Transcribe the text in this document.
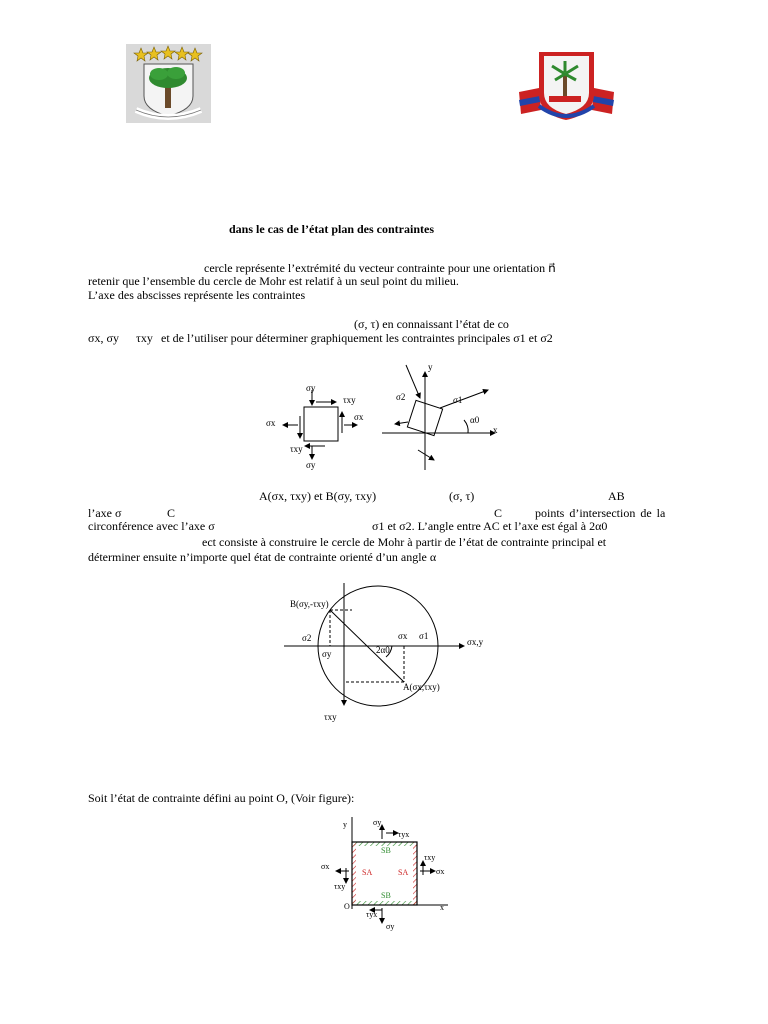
dans le cas de l’état plan des contraintes
cercle représente l’extrémité du vecteur contrainte pour une orientation n⃗
retenir que l’ensemble du cercle de Mohr est relatif à un seul point du milieu.
L’axe des abscisses représente les contraintes
(σ, τ) en connaissant l’état de co
σx, σy τxy et de l’utiliser pour déterminer graphiquement les contraintes principales σ1 et σ2
σy
τxy
σx
σx
τxy
σy
y
x
σ2	σ1
α0
A(σx, τxy) et B(σy, τxy)	(σ, τ)	AB
l’axe σ	C	C	points d’intersection de la
circonférence avec l’axe σ	σ1 et σ2. L’angle entre AC et l’axe est égal à 2α0
ect consiste à construire le cercle de Mohr à partir de l’état de contrainte principal et
déterminer ensuite n’importe quel état de contrainte orienté d’un angle α
B(σy,-τxy)
σ2	σx σ1
σx,y
2α0
σy
A(σx,τxy)
τxy
Soit l’état de contrainte défini au point O, (Voir figure):
y	σy
τyx
SB
τxy
σx
σx
SA	SA
τxy
SB
O
τyx
x
σy
